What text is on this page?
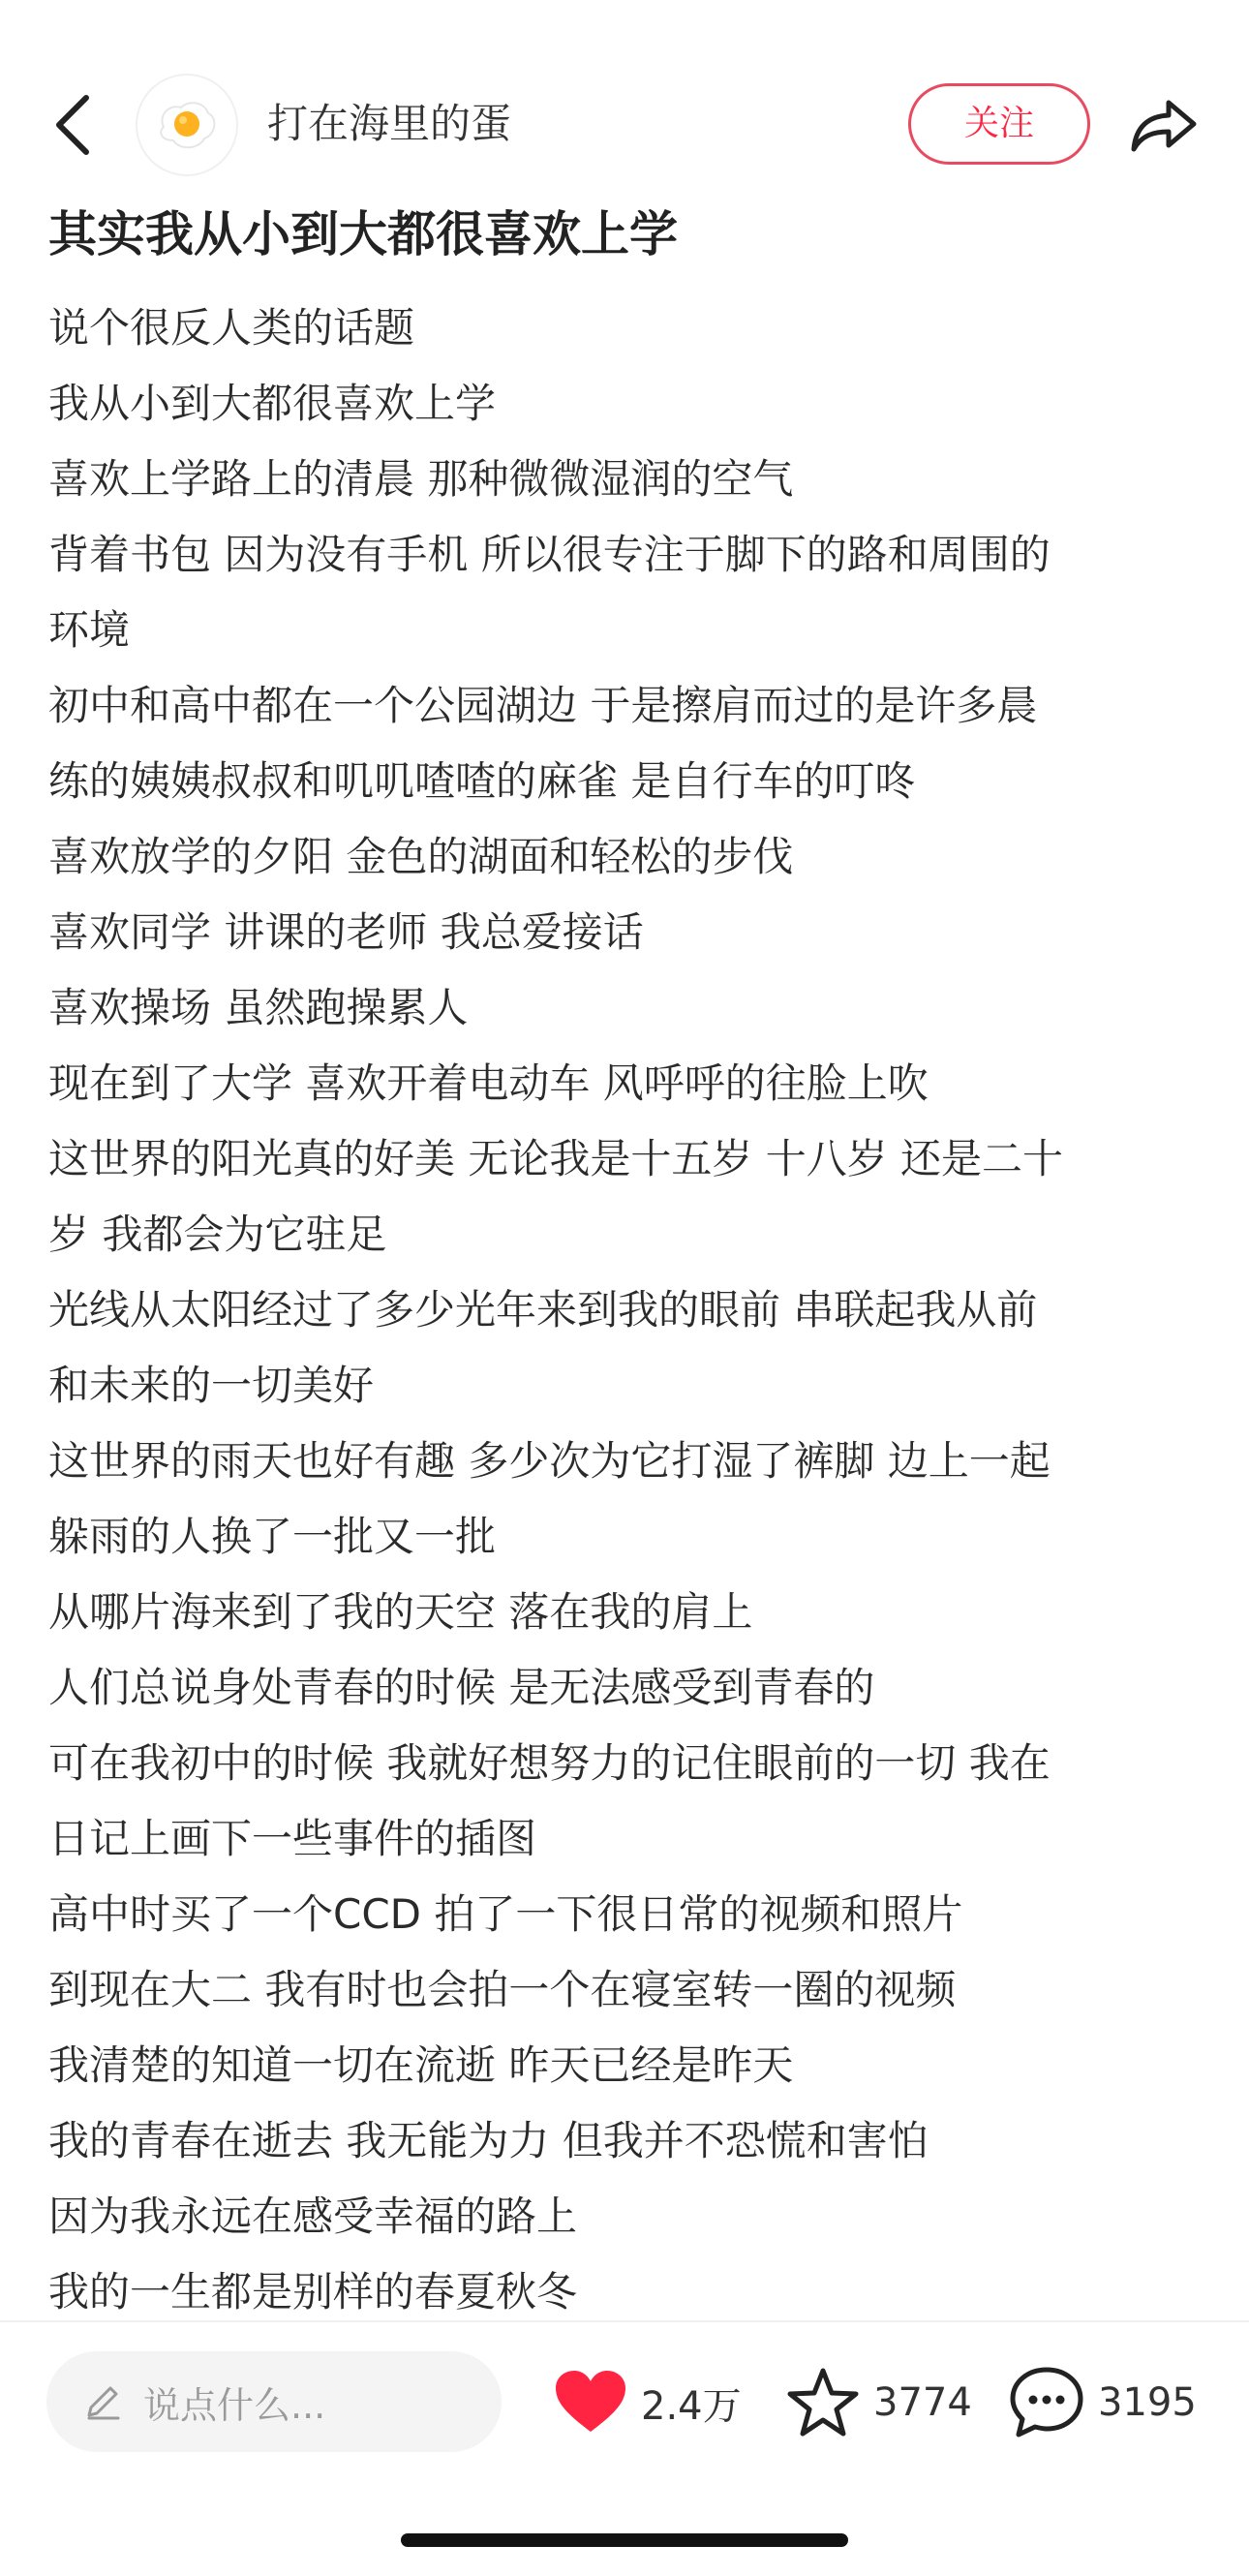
打在海里的蛋	关注
其实我从小到大都很喜欢上学
说个很反人类的话题
我从小到大都很喜欢上学
喜欢上学路上的清晨 那种微微湿润的空气
背着书包 因为没有手机 所以很专注于脚下的路和周围的
环境
初中和高中都在一个公园湖边 于是擦肩而过的是许多晨
练的姨姨叔叔和叽叽喳喳的麻雀 是自行车的叮咚
喜欢放学的夕阳 金色的湖面和轻松的步伐
喜欢同学 讲课的老师 我总爱接话
喜欢操场 虽然跑操累人
现在到了大学 喜欢开着电动车 风呼呼的往脸上吹
这世界的阳光真的好美 无论我是十五岁 十八岁 还是二十
岁 我都会为它驻足
光线从太阳经过了多少光年来到我的眼前 串联起我从前
和未来的一切美好
这世界的雨天也好有趣 多少次为它打湿了裤脚 边上一起
躲雨的人换了一批又一批
从哪片海来到了我的天空 落在我的肩上
人们总说身处青春的时候 是无法感受到青春的
可在我初中的时候 我就好想努力的记住眼前的一切 我在
日记上画下一些事件的插图
高中时买了一个CCD 拍了一下很日常的视频和照片
到现在大二 我有时也会拍一个在寝室转一圈的视频
我清楚的知道一切在流逝 昨天已经是昨天
我的青春在逝去 我无能为力 但我并不恐慌和害怕
因为我永远在感受幸福的路上
我的一生都是别样的春夏秋冬
说点什么...	2.4万	3774	3195
